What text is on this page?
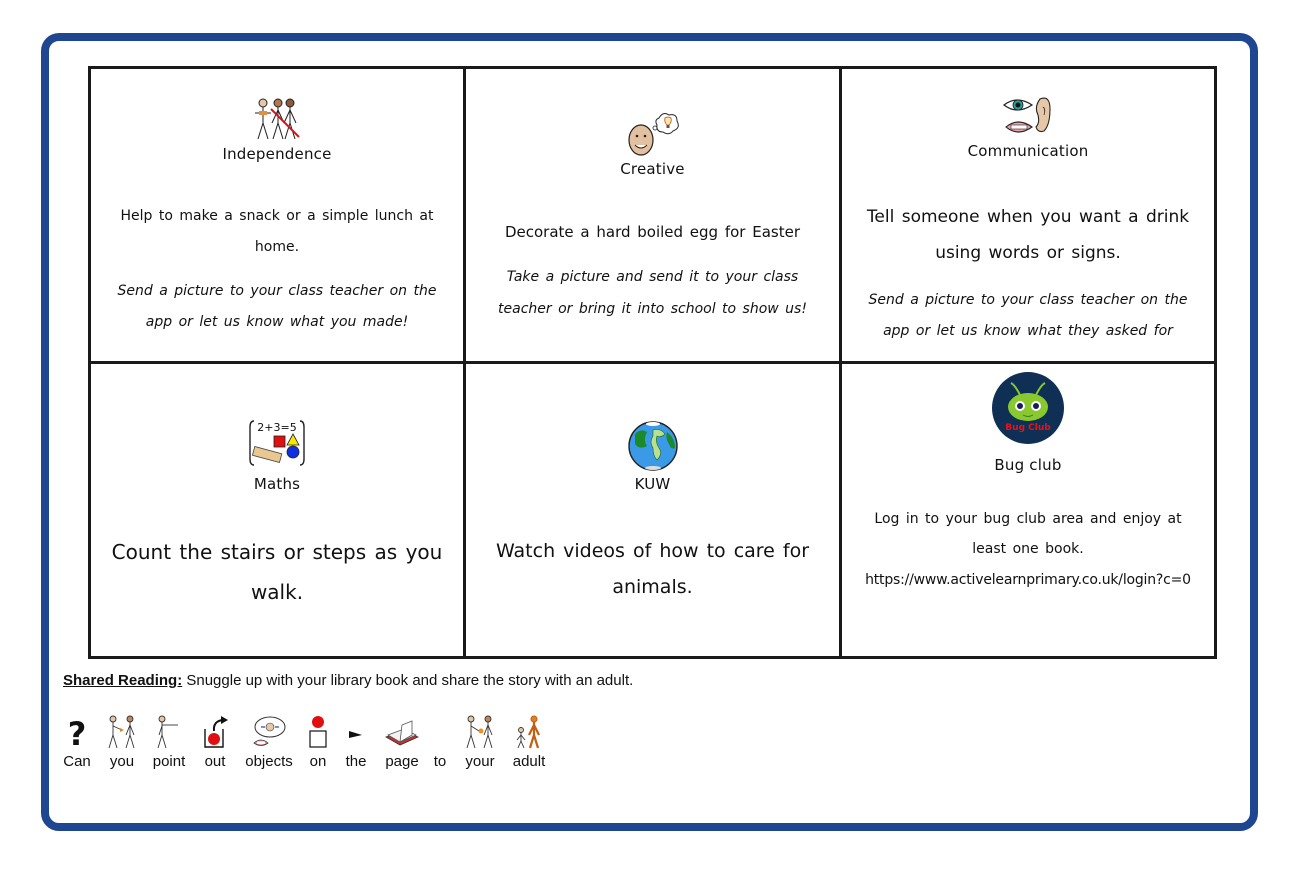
Independence
Help to make a snack or a simple lunch at
home.
Send a picture to your class teacher on the
app or let us know what you made!
Creative
Decorate a hard boiled egg for Easter
Take a picture and send it to your class
teacher or bring it into school to show us!
Communication
Tell someone when you want a drink
using words or signs.
Send a picture to your class teacher on the
app or let us know what they asked for
2+3=5
Maths
Count the stairs or steps as you
walk.
KUW
Watch videos of how to care for
animals.
Bug Club
Bug club
Log in to your bug club area and enjoy at
least one book.
https://www.activelearnprimary.co.uk/login?c=0
Shared Reading: Snuggle up with your library book and share the story with an adult.
?
Can you point out objects on the page to your adult
